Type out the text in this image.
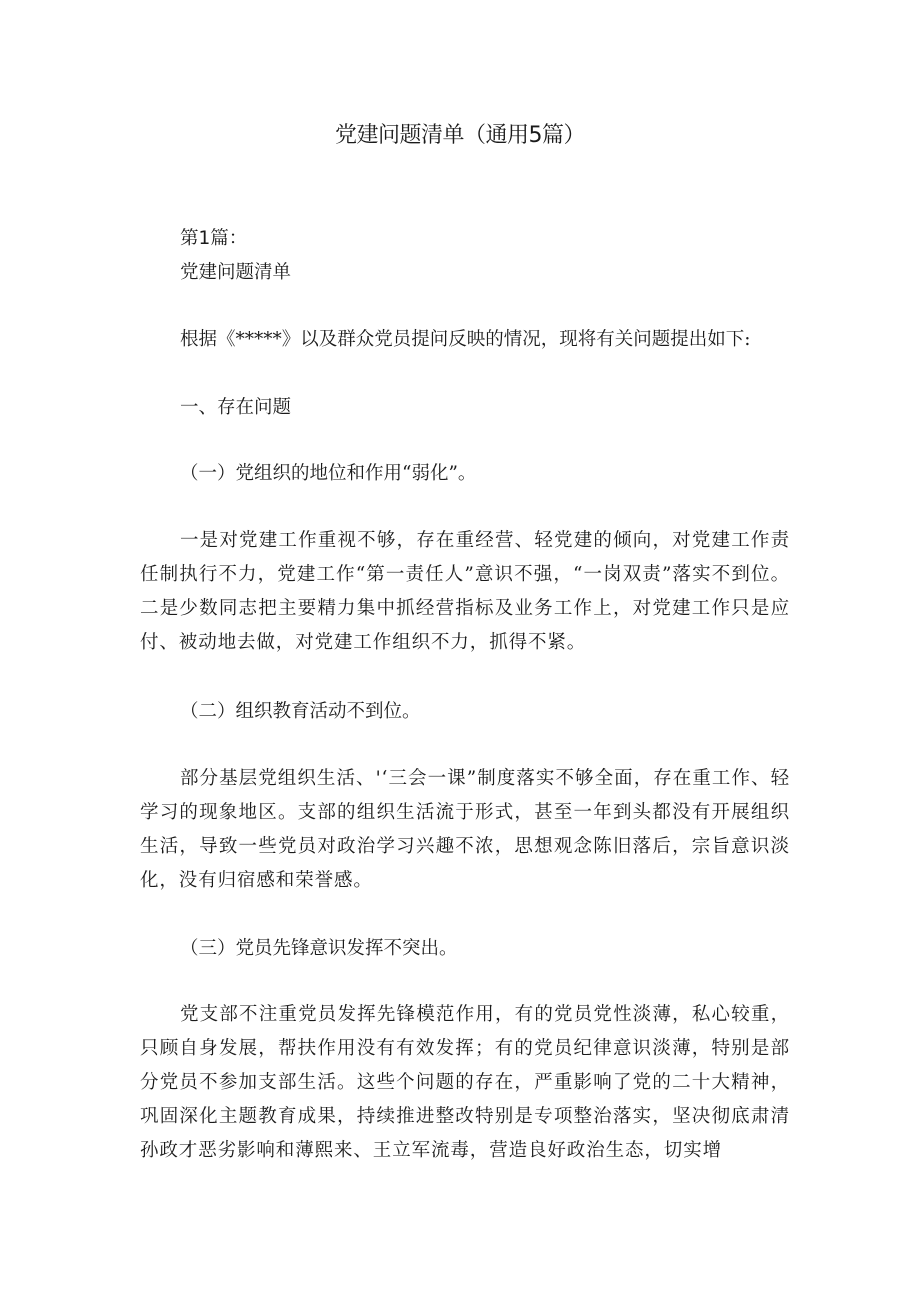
党建问题清单（通用5篇）

第1篇：

党建问题清单

根据《*****》以及群众党员提问反映的情况，现将有关问题提出如下:

一、存在问题

（一）党组织的地位和作用“弱化”。

一是对党建工作重视不够，存在重经营、轻党建的倾向，对党建工作责任制执行不力，党建工作“第一责任人”意识不强，“一岗双责”落实不到位。二是少数同志把主要精力集中抓经营指标及业务工作上，对党建工作只是应付、被动地去做，对党建工作组织不力，抓得不紧。

（二）组织教育活动不到位。

部分基层党组织生活、'‘三会一课”制度落实不够全面，存在重工作、轻学习的现象地区。支部的组织生活流于形式，甚至一年到头都没有开展组织生活，导致一些党员对政治学习兴趣不浓，思想观念陈旧落后，宗旨意识淡化，没有归宿感和荣誉感。

（三）党员先锋意识发挥不突出。

党支部不注重党员发挥先锋模范作用，有的党员党性淡薄，私心较重，只顾自身发展，帮扶作用没有有效发挥；有的党员纪律意识淡薄，特别是部分党员不参加支部生活。这些个问题的存在，严重影响了党的二十大精神，巩固深化主题教育成果，持续推进整改特别是专项整治落实，坚决彻底肃清孙政才恶劣影响和薄熙来、王立军流毒，营造良好政治生态，切实增
